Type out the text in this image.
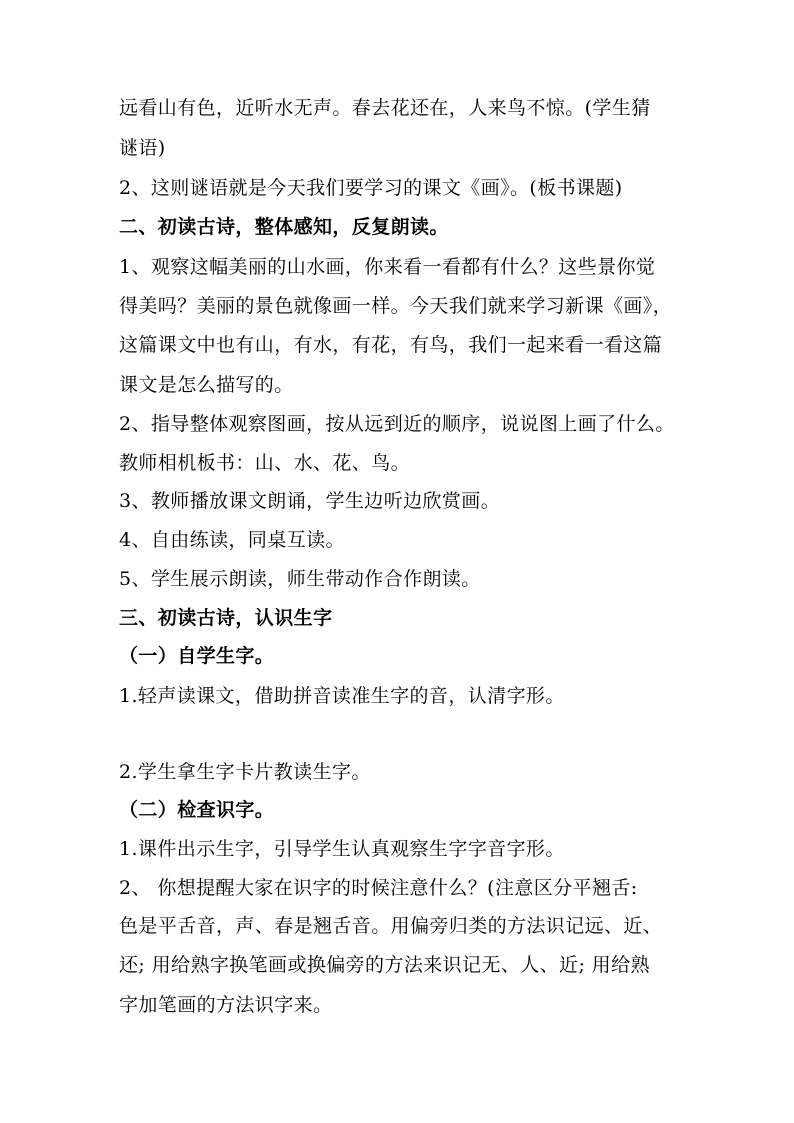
远看山有色，近听水无声。春去花还在，人来鸟不惊。(学生猜
谜语)
2、这则谜语就是今天我们要学习的课文《画》。(板书课题)
二、初读古诗，整体感知，反复朗读。
1、观察这幅美丽的山水画，你来看一看都有什么？这些景你觉
得美吗？美丽的景色就像画一样。今天我们就来学习新课《画》，
这篇课文中也有山，有水，有花，有鸟，我们一起来看一看这篇
课文是怎么描写的。
2、指导整体观察图画，按从远到近的顺序，说说图上画了什么。
教师相机板书：山、水、花、鸟。
3、教师播放课文朗诵，学生边听边欣赏画。
4、自由练读，同桌互读。
5、学生展示朗读，师生带动作合作朗读。
三、初读古诗，认识生字
（一）自学生字。
1.轻声读课文，借助拼音读准生字的音，认清字形。
2.学生拿生字卡片教读生字。
（二）检查识字。
1.课件出示生字，引导学生认真观察生字字音字形。
2、 你想提醒大家在识字的时候注意什么？(注意区分平翘舌:
色是平舌音，声、春是翘舌音。用偏旁归类的方法识记远、近、
还; 用给熟字换笔画或换偏旁的方法来识记无、人、近; 用给熟
字加笔画的方法识字来。
